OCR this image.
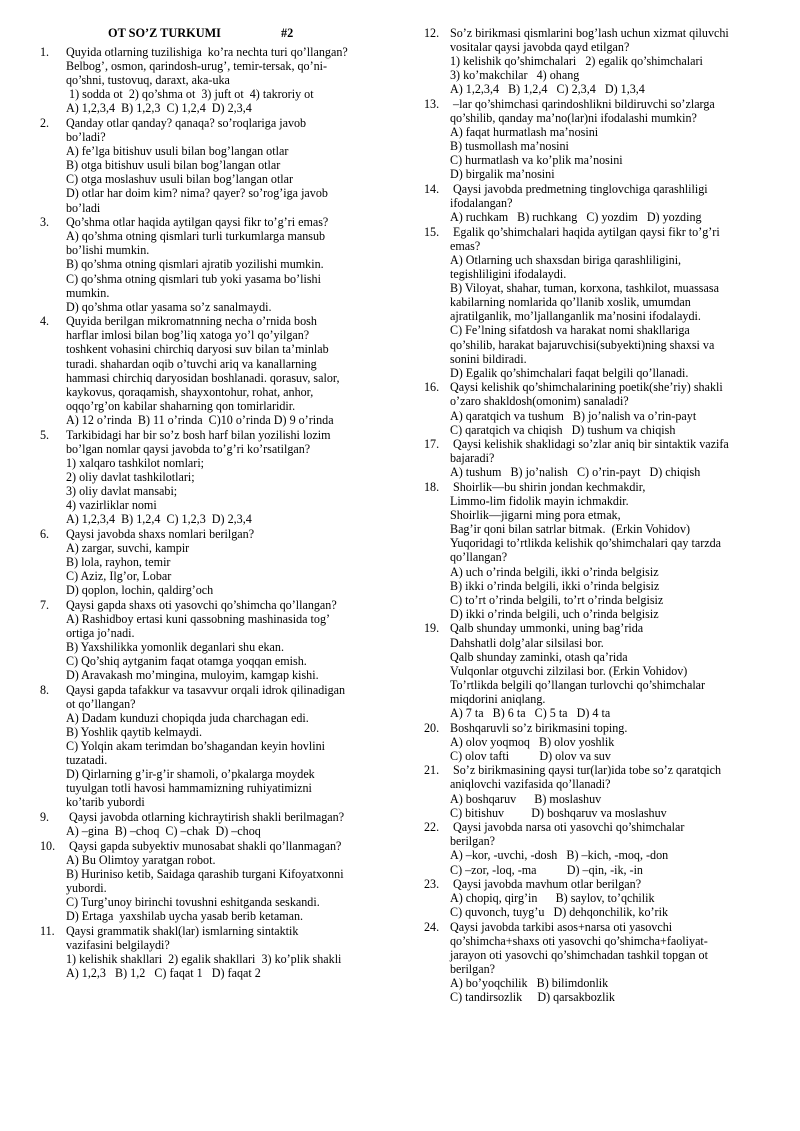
OT SO’Z TURKUMI	#2
1. Quyida otlarning tuzilishiga  ko’ra nechta turi qo’llangan?
Belbog’, osmon, qarindosh-urug’, temir-tersak, qo’ni-
qo’shni, tustovuq, daraxt, aka-uka
1) sodda ot  2) qo’shma ot  3) juft ot  4) takroriy ot
A) 1,2,3,4  B) 1,2,3  C) 1,2,4  D) 2,3,4
2. Qanday otlar qanday? qanaqa? so’roqlariga javob
bo’ladi?
A) fe’lga bitishuv usuli bilan bog’langan otlar
B) otga bitishuv usuli bilan bog’langan otlar
C) otga moslashuv usuli bilan bog’langan otlar
D) otlar har doim kim? nima? qayer? so’rog’iga javob
bo’ladi
3. Qo’shma otlar haqida aytilgan qaysi fikr to’g’ri emas?
A) qo’shma otning qismlari turli turkumlarga mansub
bo’lishi mumkin.
B) qo’shma otning qismlari ajratib yozilishi mumkin.
C) qo’shma otning qismlari tub yoki yasama bo’lishi
mumkin.
D) qo’shma otlar yasama so’z sanalmaydi.
4. Quyida berilgan mikromatnning necha o’rnida bosh
harflar imlosi bilan bog’liq xatoga yo’l qo’yilgan?
toshkent vohasini chirchiq daryosi suv bilan ta’minlab
turadi. shahardan oqib o’tuvchi ariq va kanallarning
hammasi chirchiq daryosidan boshlanadi. qorasuv, salor,
kaykovus, qoraqamish, shayxontohur, rohat, anhor,
oqqo’rg’on kabilar shaharning qon tomirlaridir.
A) 12 o’rinda  B) 11 o’rinda  C)10 o’rinda D) 9 o’rinda
5. Tarkibidagi har bir so’z bosh harf bilan yozilishi lozim
bo’lgan nomlar qaysi javobda to’g’ri ko’rsatilgan?
1) xalqaro tashkilot nomlari;
2) oliy davlat tashkilotlari;
3) oliy davlat mansabi;
4) vazirliklar nomi
A) 1,2,3,4  B) 1,2,4  C) 1,2,3  D) 2,3,4
6. Qaysi javobda shaxs nomlari berilgan?
A) zargar, suvchi, kampir
B) lola, rayhon, temir
C) Aziz, Ilg’or, Lobar
D) qoplon, lochin, qaldirg’och
7. Qaysi gapda shaxs oti yasovchi qo’shimcha qo’llangan?
A) Rashidboy ertasi kuni qassobning mashinasida tog’
ortiga jo’nadi.
B) Yaxshilikka yomonlik deganlari shu ekan.
C) Qo’shiq aytganim faqat otamga yoqqan emish.
D) Aravakash mo’mingina, muloyim, kamgap kishi.
8. Qaysi gapda tafakkur va tasavvur orqali idrok qilinadigan
ot qo’llangan?
A) Dadam kunduzi chopiqda juda charchagan edi.
B) Yoshlik qaytib kelmaydi.
C) Yolqin akam terimdan bo’shagandan keyin hovlini
tuzatadi.
D) Qirlarning g’ir-g’ir shamoli, o’pkalarga moydek
tuyulgan totli havosi hammamizning ruhiyatimizni
ko’tarib yubordi
9. Qaysi javobda otlarning kichraytirish shakli berilmagan?
A) –gina  B) –choq  C) –chak  D) –choq
10. Qaysi gapda subyektiv munosabat shakli qo’llanmagan?
A) Bu Olimtoy yaratgan robot.
B) Huriniso ketib, Saidaga qarashib turgani Kifoyatxonni
yubordi.
C) Turg’unoy birinchi tovushni eshitganda seskandi.
D) Ertaga  yaxshilab uycha yasab berib ketaman.
11. Qaysi grammatik shakl(lar) ismlarning sintaktik
vazifasini belgilaydi?
1) kelishik shakllari  2) egalik shakllari  3) ko’plik shakli
A) 1,2,3   B) 1,2   C) faqat 1   D) faqat 2
12. So’z birikmasi qismlarini bog’lash uchun xizmat qiluvchi
vositalar qaysi javobda qayd etilgan?
1) kelishik qo’shimchalari   2) egalik qo’shimchalari
3) ko’makchilar   4) ohang
A) 1,2,3,4   B) 1,2,4   C) 2,3,4   D) 1,3,4
13. –lar qo’shimchasi qarindoshlikni bildiruvchi so’zlarga
qo’shilib, qanday ma’no(lar)ni ifodalashi mumkin?
A) faqat hurmatlash ma’nosini
B) tusmollash ma’nosini
C) hurmatlash va ko’plik ma’nosini
D) birgalik ma’nosini
14. Qaysi javobda predmetning tinglovchiga qarashliligi
ifodalangan?
A) ruchkam   B) ruchkang   C) yozdim   D) yozding
15. Egalik qo’shimchalari haqida aytilgan qaysi fikr to’g’ri
emas?
A) Otlarning uch shaxsdan biriga qarashliligini,
tegishliligini ifodalaydi.
B) Viloyat, shahar, tuman, korxona, tashkilot, muassasa
kabilarning nomlarida qo’llanib xoslik, umumdan
ajratilganlik, mo’ljallanganlik ma’nosini ifodalaydi.
C) Fe’lning sifatdosh va harakat nomi shakllariga
qo’shilib, harakat bajaruvchisi(subyekti)ning shaxsi va
sonini bildiradi.
D) Egalik qo’shimchalari faqat belgili qo’llanadi.
16. Qaysi kelishik qo’shimchalarining poetik(she’riy) shakli
o’zaro shakldosh(omonim) sanaladi?
A) qaratqich va tushum   B) jo’nalish va o’rin-payt
C) qaratqich va chiqish   D) tushum va chiqish
17. Qaysi kelishik shaklidagi so’zlar aniq bir sintaktik vazifa
bajaradi?
A) tushum   B) jo’nalish   C) o’rin-payt   D) chiqish
18. Shoirlik—bu shirin jondan kechmakdir,
Limmo-lim fidolik mayin ichmakdir.
Shoirlik—jigarni ming pora etmak,
Bag’ir qoni bilan satrlar bitmak.  (Erkin Vohidov)
Yuqoridagi to’rtlikda kelishik qo’shimchalari qay tarzda
qo’llangan?
A) uch o’rinda belgili, ikki o’rinda belgisiz
B) ikki o’rinda belgili, ikki o’rinda belgisiz
C) to’rt o’rinda belgili, to’rt o’rinda belgisiz
D) ikki o’rinda belgili, uch o’rinda belgisiz
19. Qalb shunday ummonki, uning bag’rida
Dahshatli dolg’alar silsilasi bor.
Qalb shunday zaminki, otash qa’rida
Vulqonlar otguvchi zilzilasi bor. (Erkin Vohidov)
To’rtlikda belgili qo’llangan turlovchi qo’shimchalar
miqdorini aniqlang.
A) 7 ta   B) 6 ta   C) 5 ta   D) 4 ta
20. Boshqaruvli so’z birikmasini toping.
A) olov yoqmoq   B) olov yoshlik
C) olov tafti          D) olov va suv
21. So’z birikmasining qaysi tur(lar)ida tobe so’z qaratqich
aniqlovchi vazifasida qo’llanadi?
A) boshqaruv      B) moslashuv
C) bitishuv         D) boshqaruv va moslashuv
22. Qaysi javobda narsa oti yasovchi qo’shimchalar
berilgan?
A) –kor, -uvchi, -dosh   B) –kich, -moq, -don
C) –zor, -loq, -ma          D) –qin, -ik, -in
23. Qaysi javobda mavhum otlar berilgan?
A) chopiq, qirg’in      B) saylov, to’qchilik
C) quvonch, tuyg’u   D) dehqonchilik, ko’rik
24. Qaysi javobda tarkibi asos+narsa oti yasovchi
qo’shimcha+shaxs oti yasovchi qo’shimcha+faoliyat-
jarayon oti yasovchi qo’shimchadan tashkil topgan ot
berilgan?
A) bo’yoqchilik   B) bilimdonlik
C) tandirsozlik     D) qarsakbozlik
